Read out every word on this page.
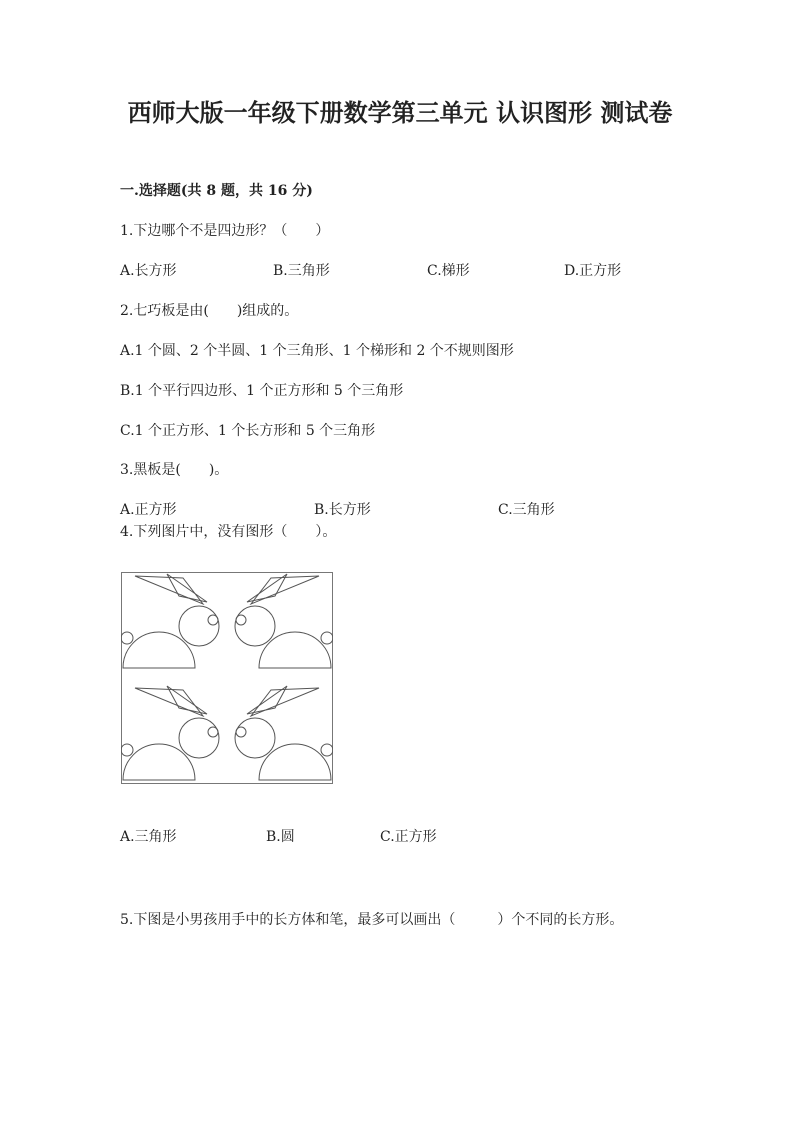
西师大版一年级下册数学第三单元 认识图形 测试卷
一.选择题(共 8 题，共 16 分)
1.下边哪个不是四边形？（　　）
A.长方形	B.三角形	C.梯形	D.正方形
2.七巧板是由(　　)组成的。
A.1 个圆、2 个半圆、1 个三角形、1 个梯形和 2 个不规则图形
B.1 个平行四边形、1 个正方形和 5 个三角形
C.1 个正方形、1 个长方形和 5 个三角形
3.黑板是(　　)。
A.正方形	B.长方形	C.三角形
4.下列图片中，没有图形（　　）。
A.三角形	B.圆	C.正方形
5.下图是小男孩用手中的长方体和笔，最多可以画出（　　　）个不同的长方形。
